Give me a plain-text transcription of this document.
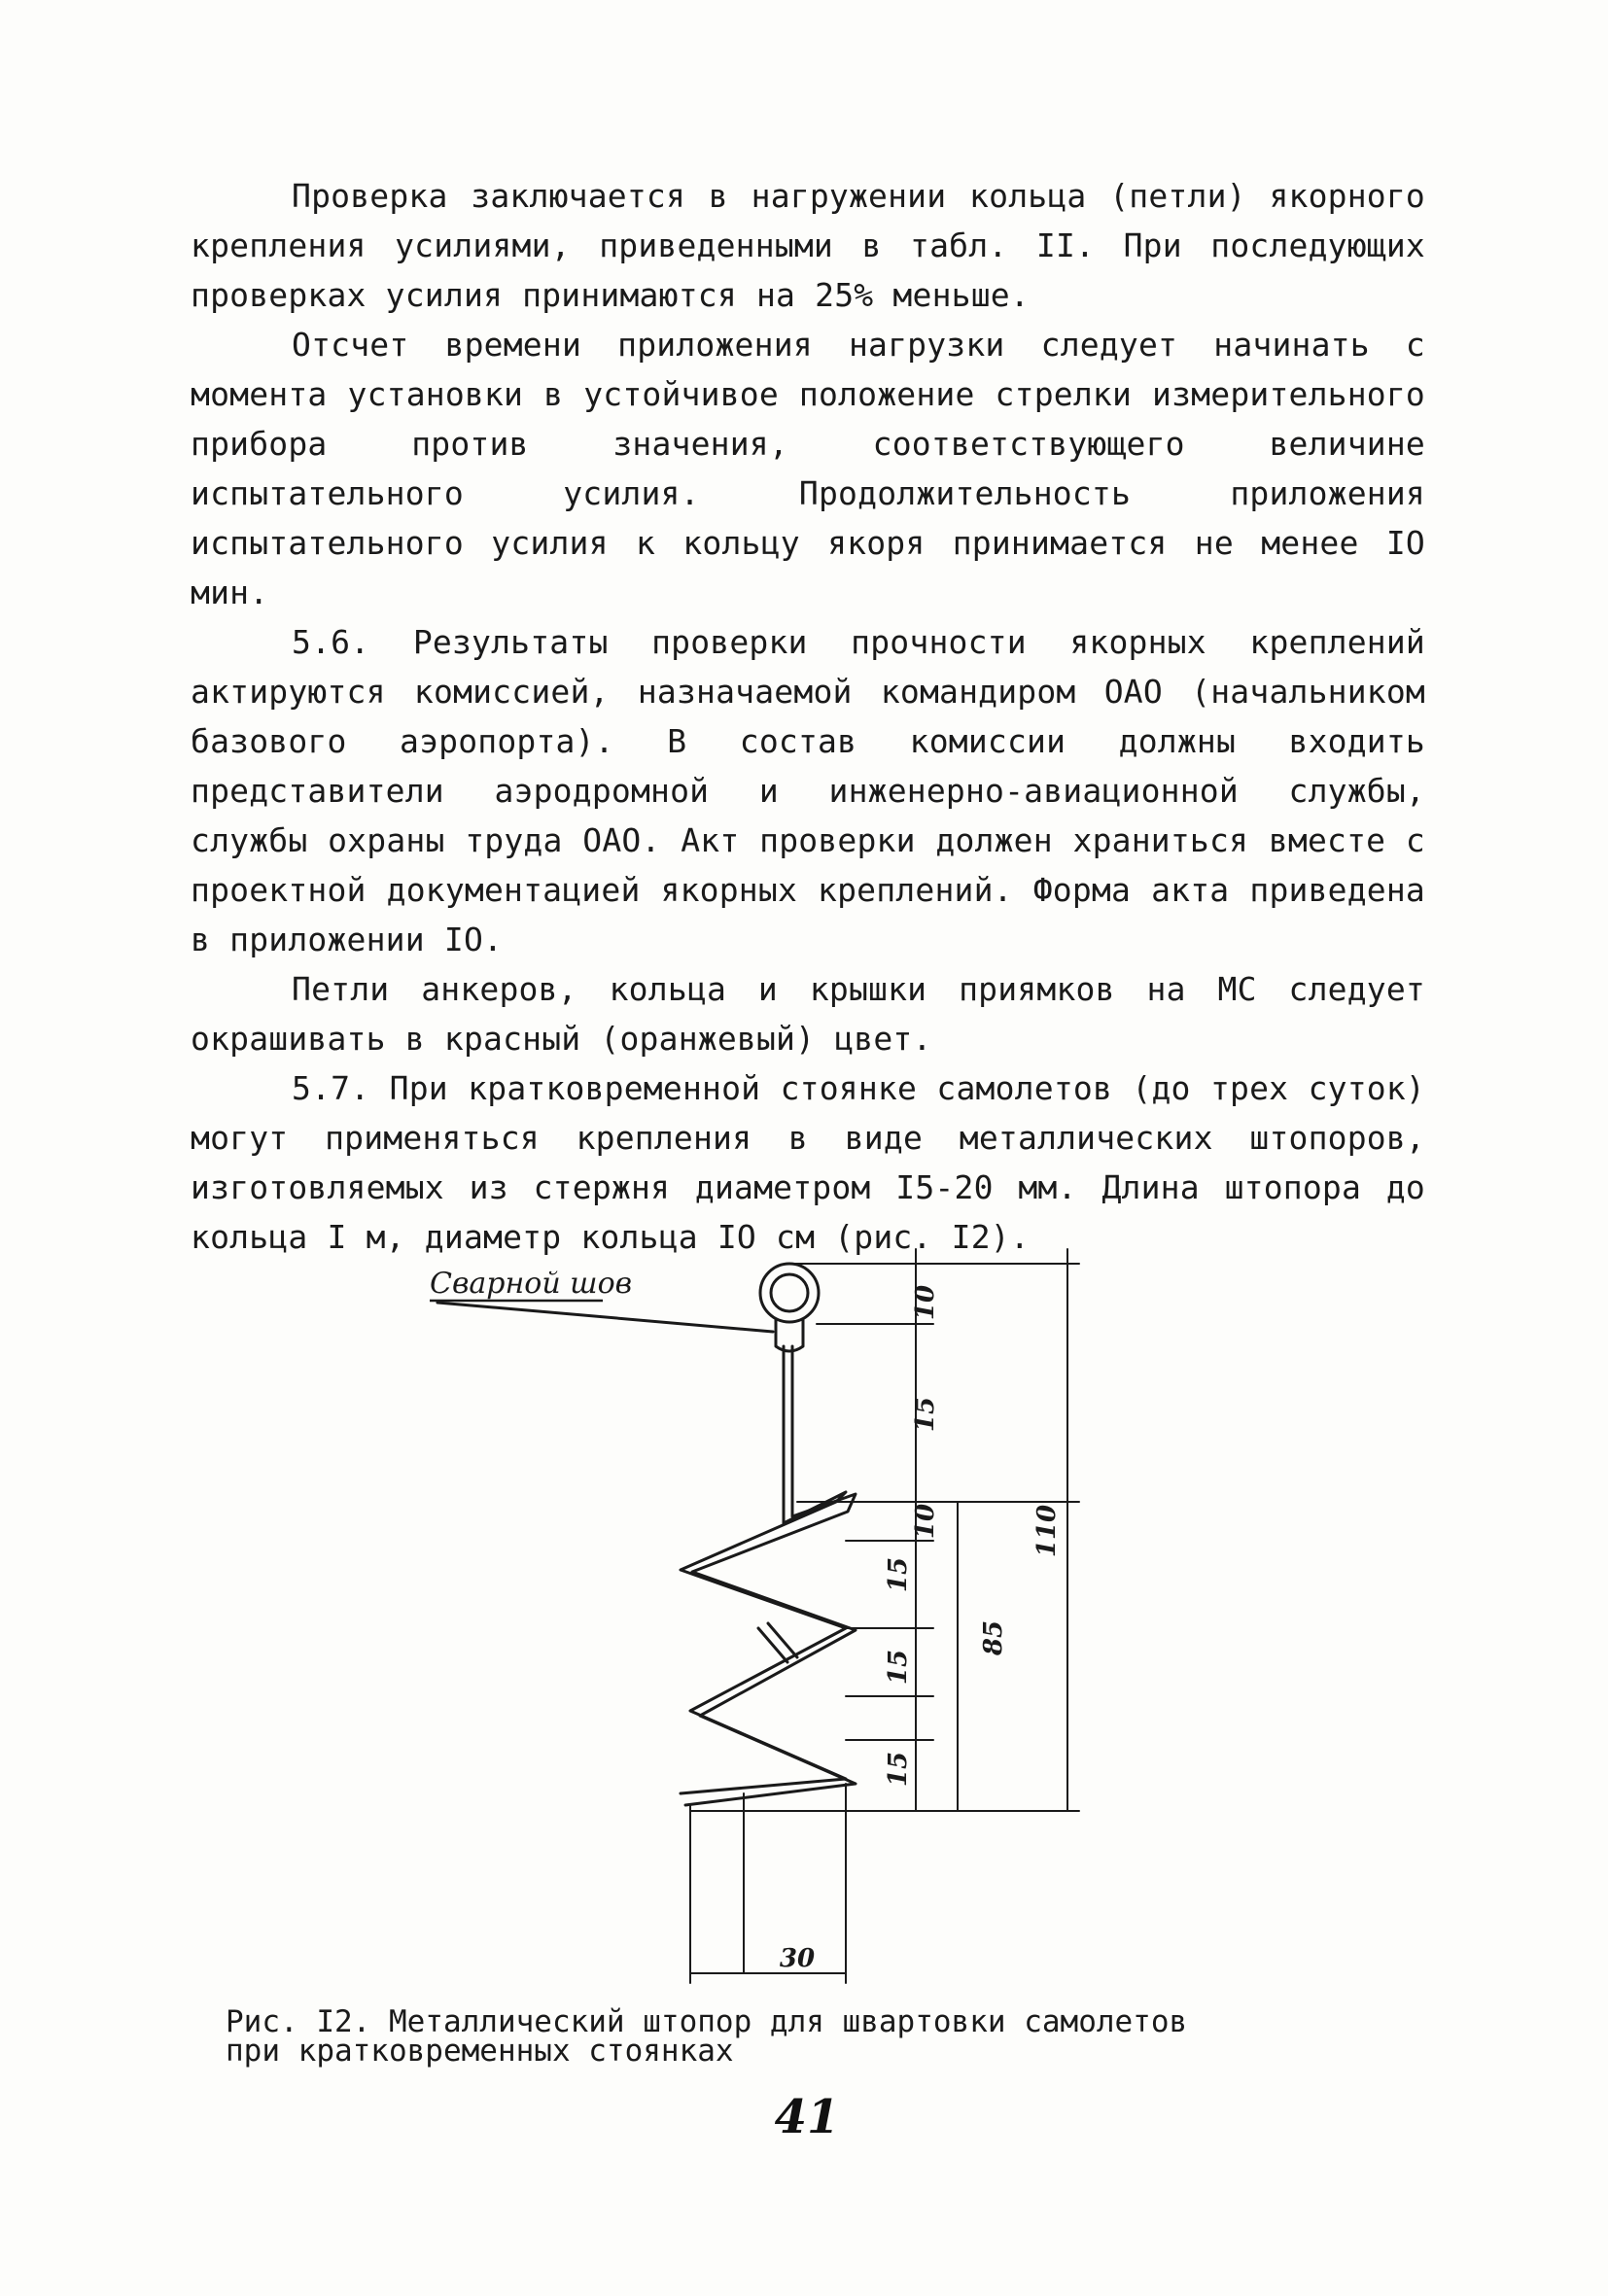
Проверка заключается в нагружении кольца (петли) якорного крепления усилиями, приведенными в табл. II. При последующих проверках усилия принимаются на 25% меньше.

Отсчет времени приложения нагрузки следует начинать с момента установки в устойчивое положение стрелки измерительного прибора против значения, соответствующего величине испытательного усилия. Продолжительность приложения испытательного усилия к кольцу якоря принимается не менее IO мин.

5.6. Результаты проверки прочности якорных креплений актируются комиссией, назначаемой командиром ОАО (начальником базового аэропорта). В состав комиссии должны входить представители аэродромной и инженерно-авиационной службы, службы охраны труда ОАО. Акт проверки должен храниться вместе с проектной документацией якорных креплений. Форма акта приведена в приложении IO.

Петли анкеров, кольца и крышки приямков на МС следует окрашивать в красный (оранжевый) цвет.

5.7. При кратковременной стоянке самолетов (до трех суток) могут применяться крепления в виде металлических штопоров, изготовляемых из стержня диаметром I5-20 мм. Длина штопора до кольца I м, диаметр кольца IO см (рис. I2).

Сварной шов
10
15
110
10
15
15
15
85
30
Рис. I2. Металлический штопор для швартовки самолетов
при кратковременных стоянках
41
